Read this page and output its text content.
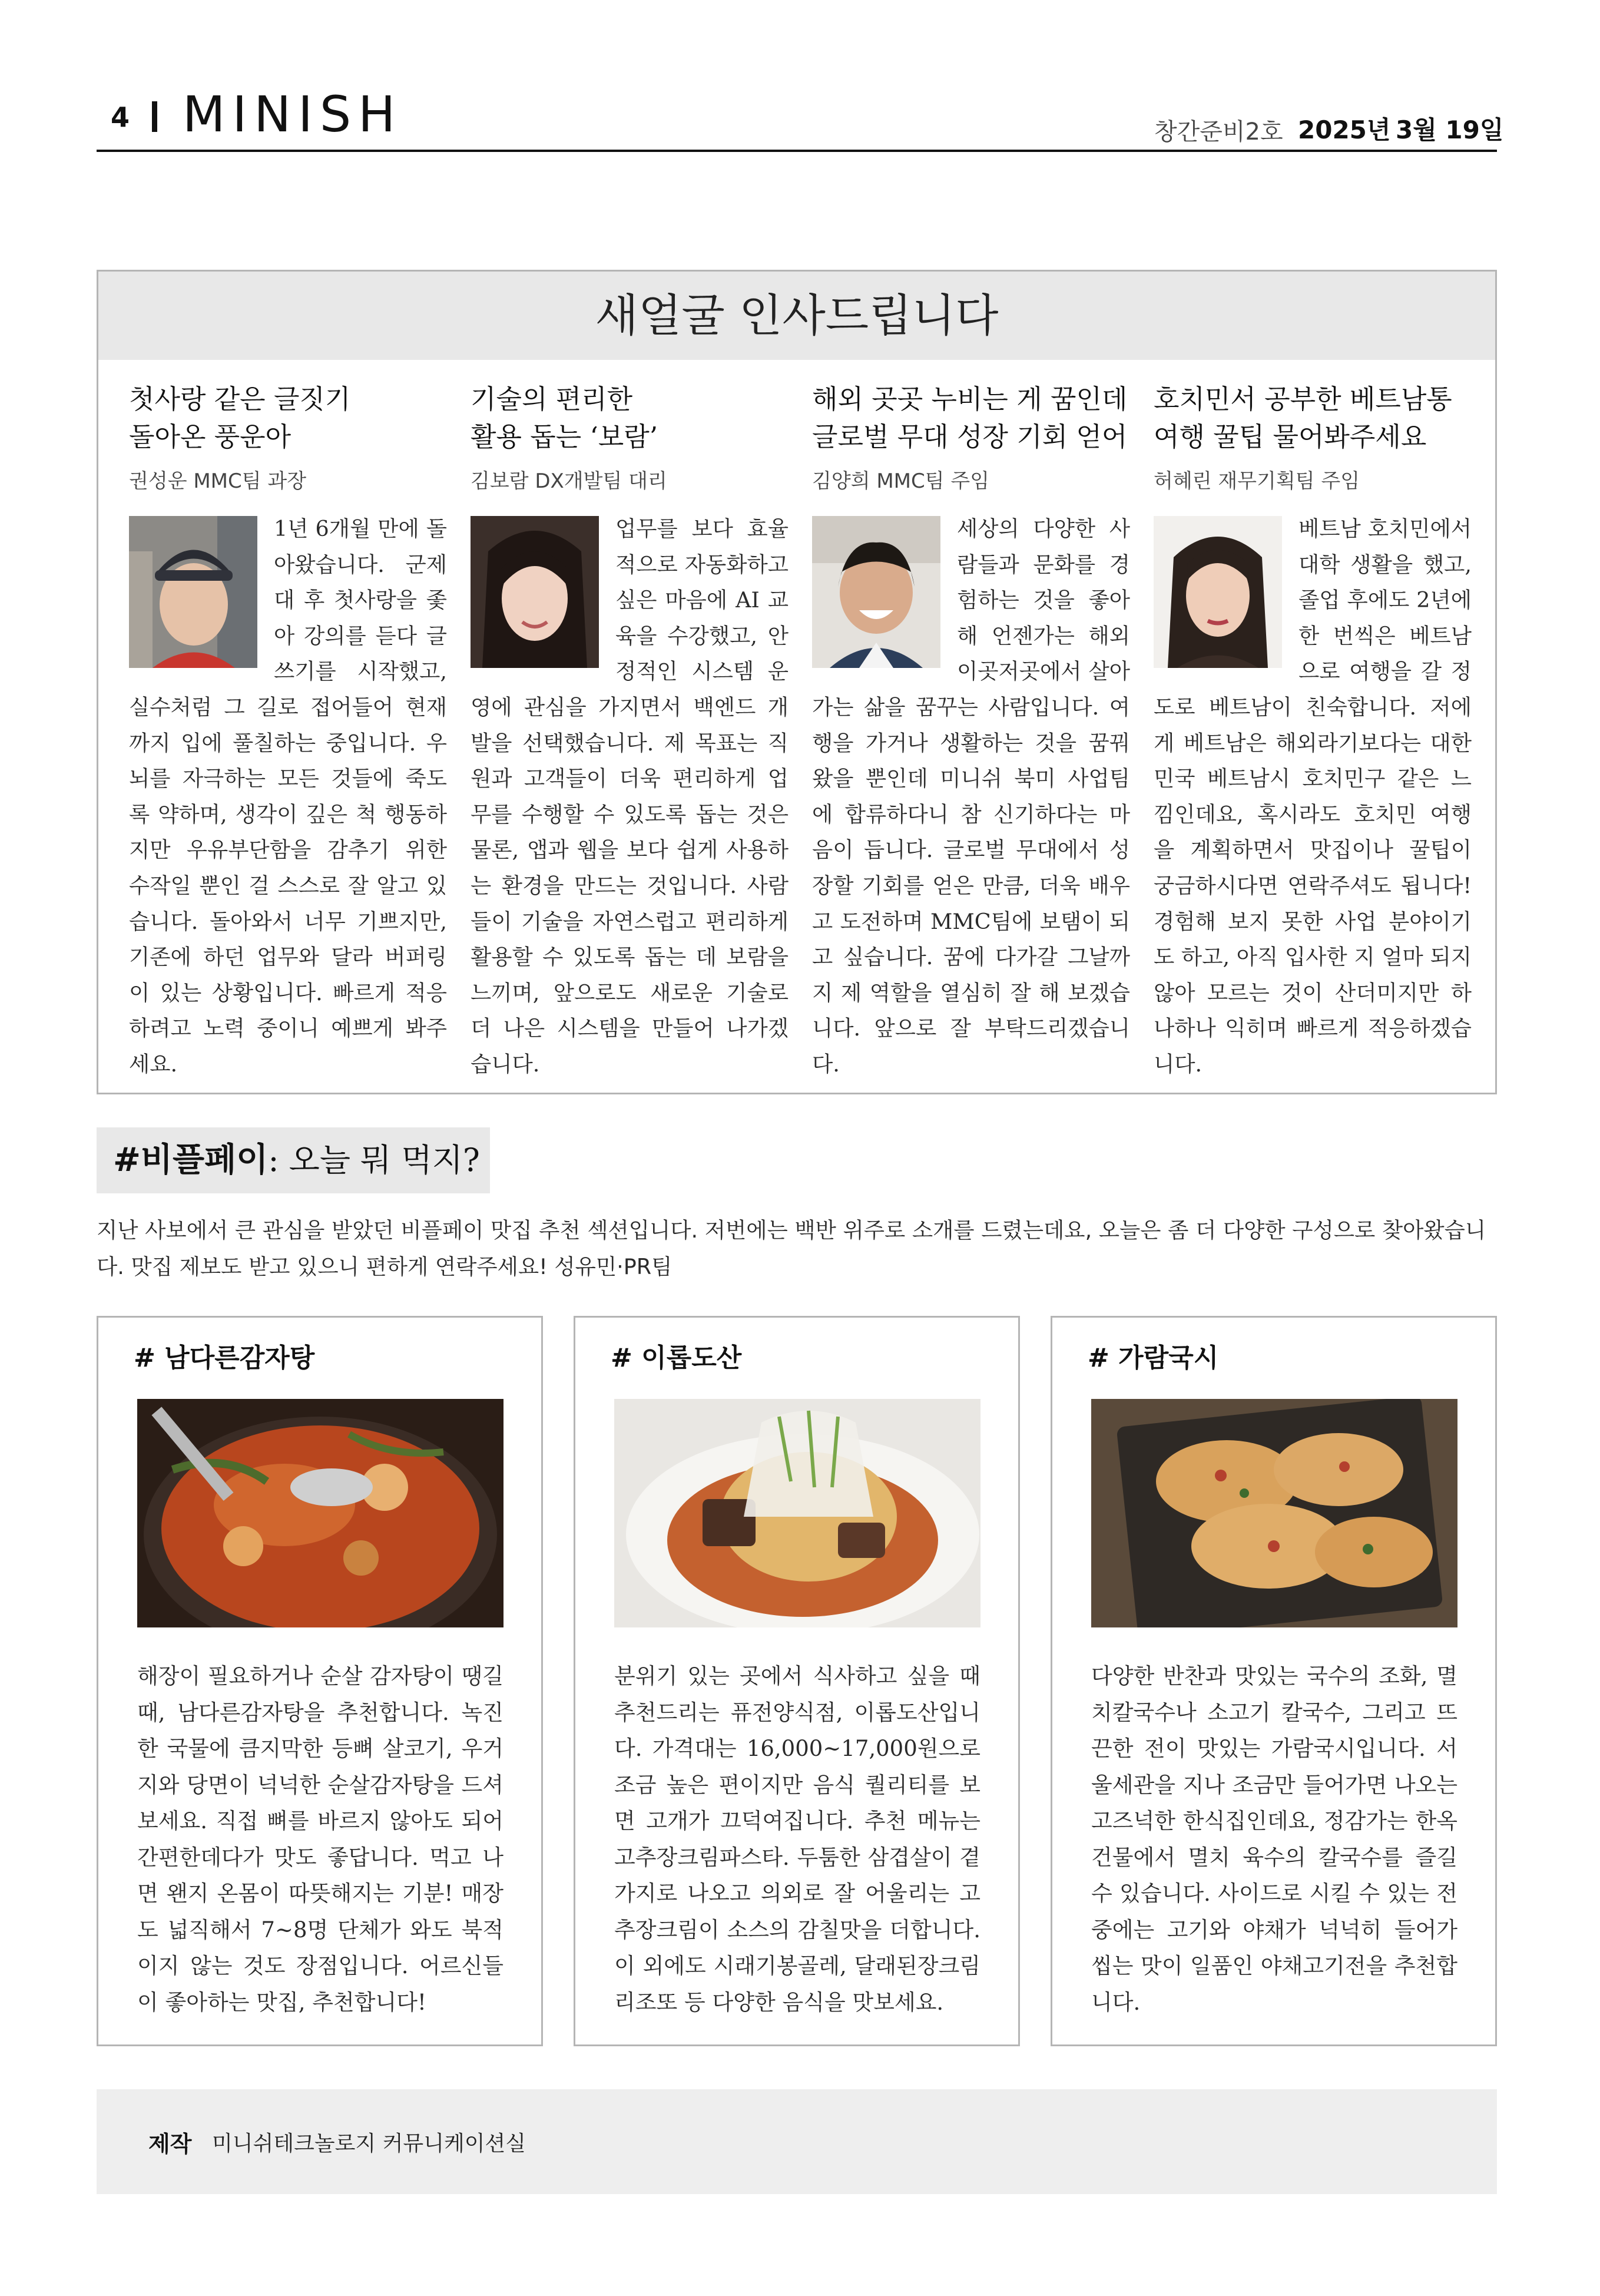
4 MINISH	창간준비2호 2025년 3월 19일
새얼굴 인사드립니다
첫사랑 같은 글짓기
돌아온 풍운아
권성운 MMC팀 과장

1년 6개월 만에 돌아왔습니다. 군제대 후 첫사랑을 좇아 강의를 듣다 글쓰기를 시작했고, 실수처럼 그 길로 접어들어 현재까지 입에 풀칠하는 중입니다. 우뇌를 자극하는 모든 것들에 죽도록 약하며, 생각이 깊은 척 행동하지만 우유부단함을 감추기 위한 수작일 뿐인 걸 스스로 잘 알고 있습니다. 돌아와서 너무 기쁘지만, 기존에 하던 업무와 달라 버퍼링이 있는 상황입니다. 빠르게 적응하려고 노력 중이니 예쁘게 봐주세요.

기술의 편리한
활용 돕는 ‘보람’
김보람 DX개발팀 대리

업무를 보다 효율적으로 자동화하고 싶은 마음에 AI 교육을 수강했고, 안정적인 시스템 운영에 관심을 가지면서 백엔드 개발을 선택했습니다. 제 목표는 직원과 고객들이 더욱 편리하게 업무를 수행할 수 있도록 돕는 것은 물론, 앱과 웹을 보다 쉽게 사용하는 환경을 만드는 것입니다. 사람들이 기술을 자연스럽고 편리하게 활용할 수 있도록 돕는 데 보람을 느끼며, 앞으로도 새로운 기술로 더 나은 시스템을 만들어 나가겠습니다.

해외 곳곳 누비는 게 꿈인데
글로벌 무대 성장 기회 얻어
김양희 MMC팀 주임

세상의 다양한 사람들과 문화를 경험하는 것을 좋아해 언젠가는 해외 이곳저곳에서 살아가는 삶을 꿈꾸는 사람입니다. 여행을 가거나 생활하는 것을 꿈꿔왔을 뿐인데 미니쉬 북미 사업팀에 합류하다니 참 신기하다는 마음이 듭니다. 글로벌 무대에서 성장할 기회를 얻은 만큼, 더욱 배우고 도전하며 MMC팀에 보탬이 되고 싶습니다. 꿈에 다가갈 그날까지 제 역할을 열심히 잘 해 보겠습니다. 앞으로 잘 부탁드리겠습니다.

호치민서 공부한 베트남통
여행 꿀팁 물어봐주세요
허혜린 재무기획팀 주임

베트남 호치민에서 대학 생활을 했고, 졸업 후에도 2년에 한 번씩은 베트남으로 여행을 갈 정도로 베트남이 친숙합니다. 저에게 베트남은 해외라기보다는 대한민국 베트남시 호치민구 같은 느낌인데요, 혹시라도 호치민 여행을 계획하면서 맛집이나 꿀팁이 궁금하시다면 연락주셔도 됩니다! 경험해 보지 못한 사업 분야이기도 하고, 아직 입사한 지 얼마 되지 않아 모르는 것이 산더미지만 하나하나 익히며 빠르게 적응하겠습니다.

#비플페이: 오늘 뭐 먹지?
지난 사보에서 큰 관심을 받았던 비플페이 맛집 추천 섹션입니다. 저번에는 백반 위주로 소개를 드렸는데요, 오늘은 좀 더 다양한 구성으로 찾아왔습니다. 맛집 제보도 받고 있으니 편하게 연락주세요! 성유민·PR팀
# 남다른감자탕
해장이 필요하거나 순살 감자탕이 땡길 때, 남다른감자탕을 추천합니다. 녹진한 국물에 큼지막한 등뼈 살코기, 우거지와 당면이 넉넉한 순살감자탕을 드셔보세요. 직접 뼈를 바르지 않아도 되어 간편한데다가 맛도 좋답니다. 먹고 나면 왠지 온몸이 따뜻해지는 기분! 매장도 넓직해서 7~8명 단체가 와도 북적이지 않는 것도 장점입니다. 어르신들이 좋아하는 맛집, 추천합니다!
# 이롭도산
분위기 있는 곳에서 식사하고 싶을 때 추천드리는 퓨전양식점, 이롭도산입니다. 가격대는 16,000~17,000원으로 조금 높은 편이지만 음식 퀄리티를 보면 고개가 끄덕여집니다. 추천 메뉴는 고추장크림파스타. 두툼한 삼겹살이 곁가지로 나오고 의외로 잘 어울리는 고추장크림이 소스의 감칠맛을 더합니다. 이 외에도 시래기봉골레, 달래된장크림리조또 등 다양한 음식을 맛보세요.
# 가람국시
다양한 반찬과 맛있는 국수의 조화, 멸치칼국수나 소고기 칼국수, 그리고 뜨끈한 전이 맛있는 가람국시입니다. 서울세관을 지나 조금만 들어가면 나오는 고즈넉한 한식집인데요, 정감가는 한옥 건물에서 멸치 육수의 칼국수를 즐길 수 있습니다. 사이드로 시킬 수 있는 전 중에는 고기와 야채가 넉넉히 들어가 씹는 맛이 일품인 야채고기전을 추천합니다.
제작 미니쉬테크놀로지 커뮤니케이션실
